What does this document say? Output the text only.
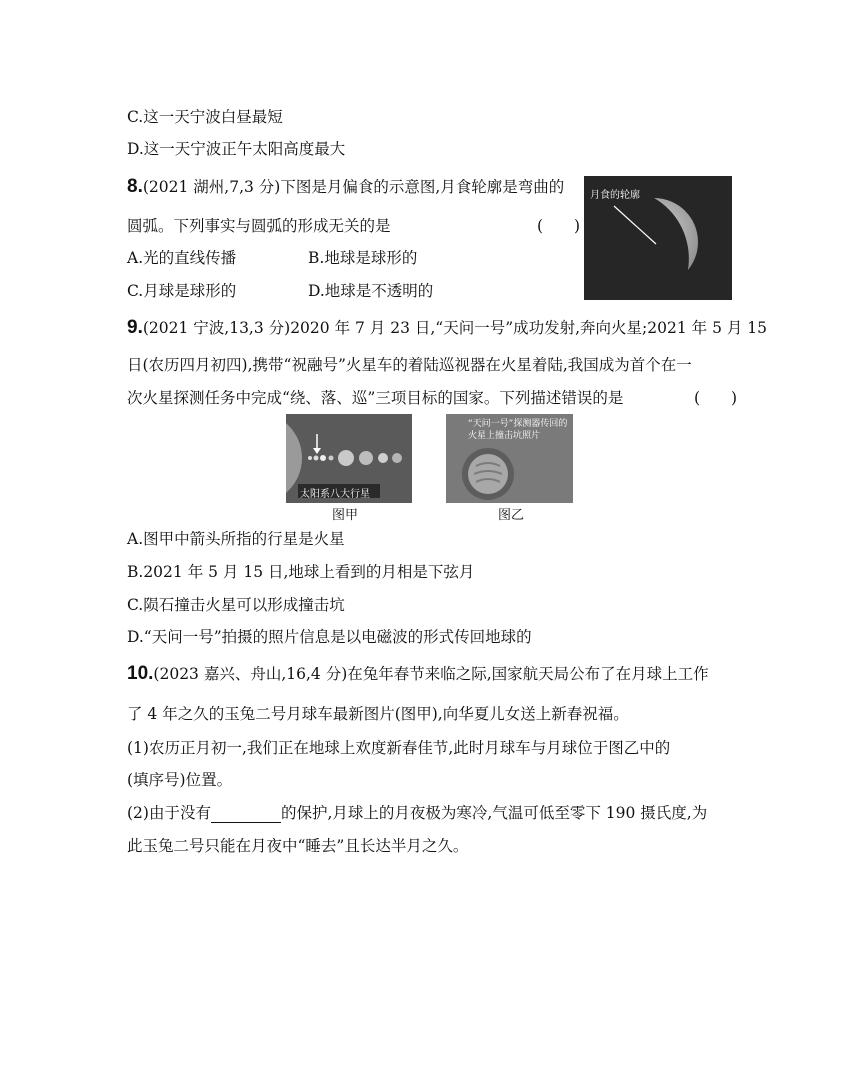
C.这一天宁波白昼最短
D.这一天宁波正午太阳高度最大
8.(2021 湖州,7,3 分)下图是月偏食的示意图,月食轮廓是弯曲的
圆弧。下列事实与圆弧的形成无关的是	(　　)
A.光的直线传播	B.地球是球形的
C.月球是球形的	D.地球是不透明的
月食的轮廓
9.(2021 宁波,13,3 分)2020 年 7 月 23 日,“天问一号”成功发射,奔向火星;2021 年 5 月 15
日(农历四月初四),携带“祝融号”火星车的着陆巡视器在火星着陆,我国成为首个在一
次火星探测任务中完成“绕、落、巡”三项目标的国家。下列描述错误的是	(　　)
太阳系八大行星
图甲
“天问一号”探测器传回的
火星上撞击坑照片
图乙
A.图甲中箭头所指的行星是火星
B.2021 年 5 月 15 日,地球上看到的月相是下弦月
C.陨石撞击火星可以形成撞击坑
D.“天问一号”拍摄的照片信息是以电磁波的形式传回地球的
10.(2023 嘉兴、舟山,16,4 分)在兔年春节来临之际,国家航天局公布了在月球上工作
了 4 年之久的玉兔二号月球车最新图片(图甲),向华夏儿女送上新春祝福。
(1)农历正月初一,我们正在地球上欢度新春佳节,此时月球车与月球位于图乙中的
(填序号)位置。
(2)由于没有	的保护,月球上的月夜极为寒冷,气温可低至零下 190 摄氏度,为
此玉兔二号只能在月夜中“睡去”且长达半月之久。
